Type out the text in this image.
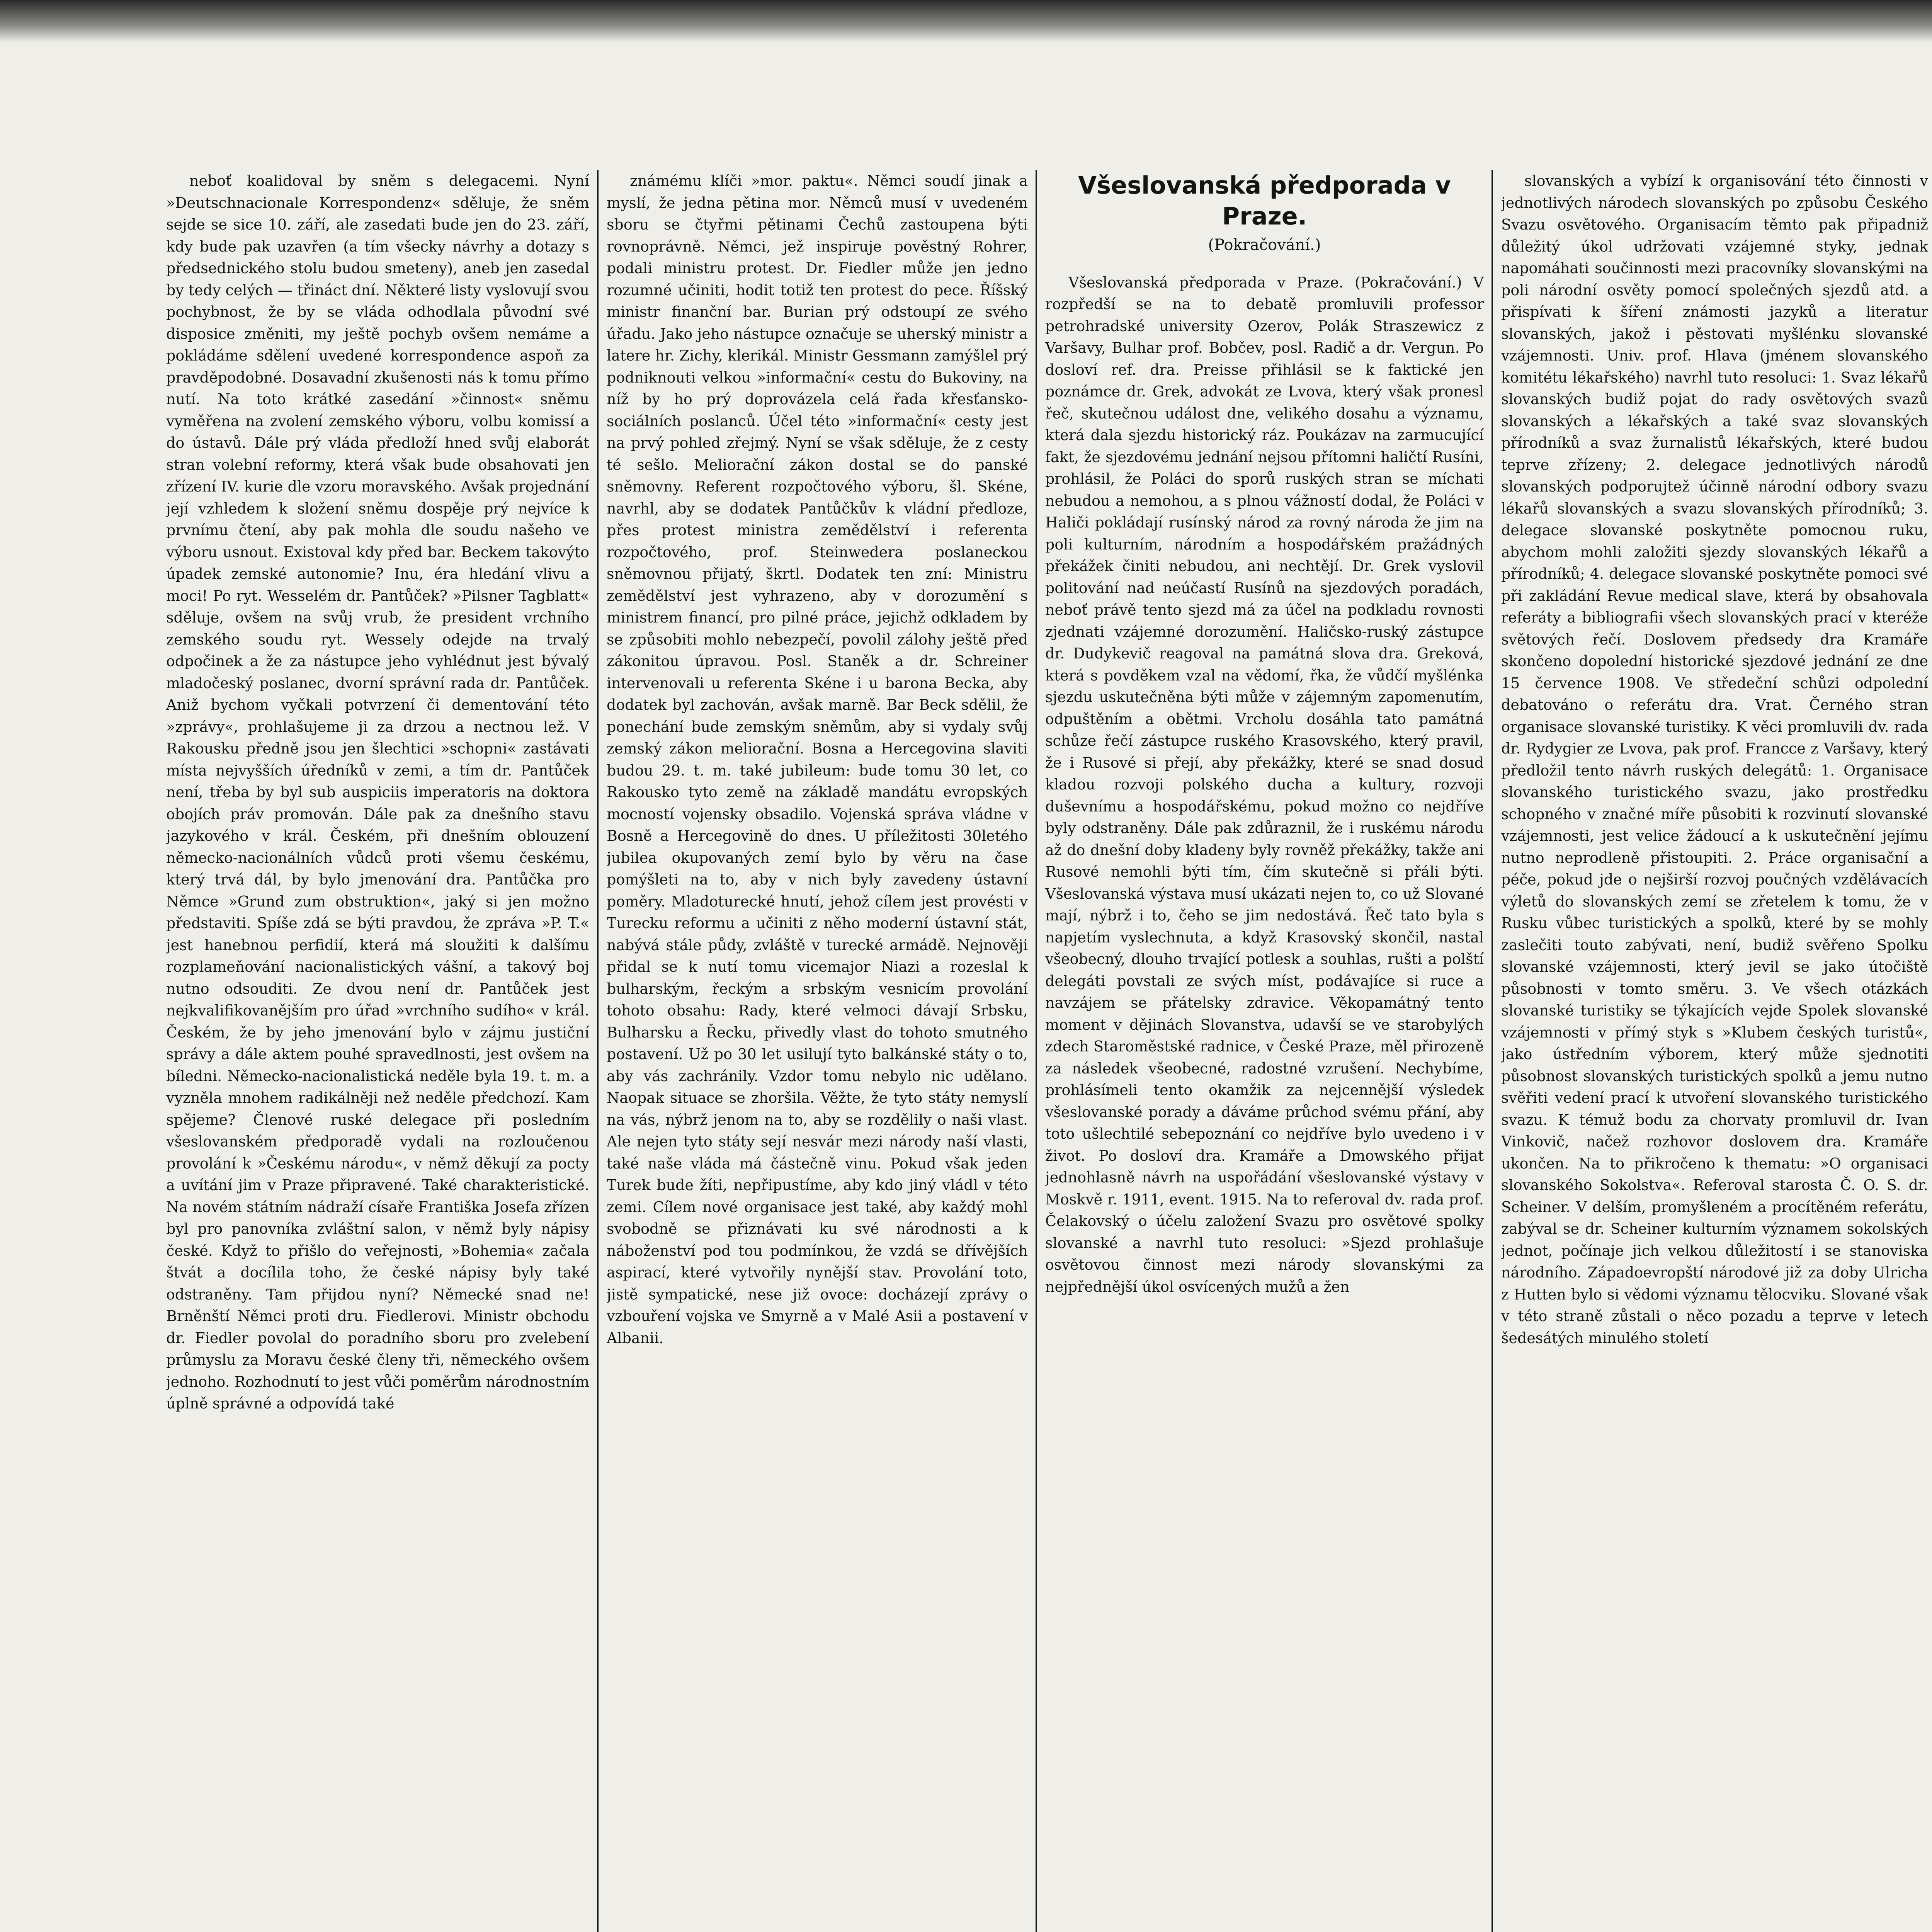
neboť koalidoval by sněm s delegacemi. Nyní »Deutschnacionale Korrespondenz« sděluje, že sněm sejde se sice 10. září, ale zasedati bude jen do 23. září, kdy bude pak uzavřen (a tím všecky návrhy a dotazy s předsednického stolu budou smeteny), aneb jen zasedal by tedy celých — třináct dní. Některé listy vyslovují svou pochybnost, že by se vláda odhodlala původní své disposice změniti, my ještě pochyb ovšem nemáme a pokládáme sdělení uvedené korrespondence aspoň za pravděpodobné. Dosavadní zkušenosti nás k tomu přímo nutí. Na toto krátké zasedání »činnost« sněmu vyměřena na zvolení zemského výboru, volbu komissí a do ústavů. Dále prý vláda předloží hned svůj elaborát stran volební reformy, která však bude obsahovati jen zřízení IV. kurie dle vzoru moravského. Avšak projednání její vzhledem k složení sněmu dospěje prý nejvíce k prvnímu čtení, aby pak mohla dle soudu našeho ve výboru usnout. Existoval kdy před bar. Beckem takovýto úpadek zemské autonomie? Inu, éra hledání vlivu a moci! Po ryt. Wesselém dr. Pantůček? »Pilsner Tagblatt« sděluje, ovšem na svůj vrub, že president vrchního zemského soudu ryt. Wessely odejde na trvalý odpočinek a že za nástupce jeho vyhlédnut jest bývalý mladočeský poslanec, dvorní správní rada dr. Pantůček. Aniž bychom vyčkali potvrzení či dementování této »zprávy«, prohlašujeme ji za drzou a nectnou lež. V Rakousku předně jsou jen šlechtici »schopni« zastávati místa nejvyšších úředníků v zemi, a tím dr. Pantůček není, třeba by byl sub auspiciis imperatoris na doktora obojích práv promován. Dále pak za dnešního stavu jazykového v král. Českém, při dnešním oblouzení německo-nacionálních vůdců proti všemu českému, který trvá dál, by bylo jmenování dra. Pantůčka pro Němce »Grund zum obstruktion«, jaký si jen možno představiti. Spíše zdá se býti pravdou, že zpráva »P. T.« jest hanebnou perfidií, která má sloužiti k dalšímu rozplameňování nacionalistických vášní, a takový boj nutno odsouditi. Ze dvou není dr. Pantůček jest nejkvalifikovanějším pro úřad »vrchního sudího« v král. Českém, že by jeho jmenování bylo v zájmu justiční správy a dále aktem pouhé spravedlnosti, jest ovšem na bíledni. Německo-nacionalistická neděle byla 19. t. m. a vyzněla mnohem radikálněji než neděle předchozí. Kam spějeme? Členové ruské delegace při posledním všeslovanském předporadě vydali na rozloučenou provolání k »Českému národu«, v němž děkují za pocty a uvítání jim v Praze připravené. Také charakteristické. Na novém státním nádraží císaře Františka Josefa zřízen byl pro panovníka zvláštní salon, v němž byly nápisy české. Když to přišlo do veřejnosti, »Bohemia« začala štvát a docílila toho, že české nápisy byly také odstraněny. Tam přijdou nyní? Německé snad ne! Brněnští Němci proti dru. Fiedlerovi. Ministr obchodu dr. Fiedler povolal do poradního sboru pro zvelebení průmyslu za Moravu české členy tři, německého ovšem jednoho. Rozhodnutí to jest vůči poměrům národnostním úplně správné a odpovídá také

známému klíči »mor. paktu«. Němci soudí jinak a myslí, že jedna pětina mor. Němců musí v uvedeném sboru se čtyřmi pětinami Čechů zastoupena býti rovnoprávně. Němci, jež inspiruje pověstný Rohrer, podali ministru protest. Dr. Fiedler může jen jedno rozumné učiniti, hodit totiž ten protest do pece. Říšský ministr finanční bar. Burian prý odstoupí ze svého úřadu. Jako jeho nástupce označuje se uherský ministr a latere hr. Zichy, klerikál. Ministr Gessmann zamýšlel prý podniknouti velkou »informační« cestu do Bukoviny, na níž by ho prý doprovázela celá řada křesťansko-sociálních poslanců. Účel této »informační« cesty jest na prvý pohled zřejmý. Nyní se však sděluje, že z cesty té sešlo. Meliorační zákon dostal se do panské sněmovny. Referent rozpočtového výboru, šl. Skéne, navrhl, aby se dodatek Pantůčkův k vládní předloze, přes protest ministra zemědělství i referenta rozpočtového, prof. Steinwedera poslaneckou sněmovnou přijatý, škrtl. Dodatek ten zní: Ministru zemědělství jest vyhrazeno, aby v dorozumění s ministrem financí, pro pilné práce, jejichž odkladem by se způsobiti mohlo nebezpečí, povolil zálohy ještě před zákonitou úpravou. Posl. Staněk a dr. Schreiner intervenovali u referenta Skéne i u barona Becka, aby dodatek byl zachován, avšak marně. Bar Beck sdělil, že ponechání bude zemským sněmům, aby si vydaly svůj zemský zákon meliorační. Bosna a Hercegovina slaviti budou 29. t. m. také jubileum: bude tomu 30 let, co Rakousko tyto země na základě mandátu evropských mocností vojensky obsadilo. Vojenská správa vládne v Bosně a Hercegovině do dnes. U příležitosti 30letého jubilea okupovaných zemí bylo by věru na čase pomýšleti na to, aby v nich byly zavedeny ústavní poměry. Mladoturecké hnutí, jehož cílem jest provésti v Turecku reformu a učiniti z něho moderní ústavní stát, nabývá stále půdy, zvláště v turecké armádě. Nejnověji přidal se k nutí tomu vicemajor Niazi a rozeslal k bulharským, řeckým a srbským vesnicím provolání tohoto obsahu: Rady, které velmoci dávají Srbsku, Bulharsku a Řecku, přivedly vlast do tohoto smutného postavení. Už po 30 let usilují tyto balkánské státy o to, aby vás zachránily. Vzdor tomu nebylo nic udělano. Naopak situace se zhoršila. Věžte, že tyto státy nemyslí na vás, nýbrž jenom na to, aby se rozdělily o naši vlast. Ale nejen tyto státy sejí nesvár mezi národy naší vlasti, také naše vláda má částečně vinu. Pokud však jeden Turek bude žíti, nepřipustíme, aby kdo jiný vládl v této zemi. Cílem nové organisace jest také, aby každý mohl svobodně se přiznávati ku své národnosti a k náboženství pod tou podmínkou, že vzdá se dřívějších aspirací, které vytvořily nynější stav. Provolání toto, jistě sympatické, nese již ovoce: docházejí zprávy o vzbouření vojska ve Smyrně a v Malé Asii a postavení v Albanii.

Všeslovanská předporada v Praze.
(Pokračování.)

Všeslovanská předporada v Praze. (Pokračování.) V rozpředší se na to debatě promluvili professor petrohradské university Ozerov, Polák Straszewicz z Varšavy, Bulhar prof. Bobčev, posl. Radič a dr. Vergun. Po dosloví ref. dra. Preisse přihlásil se k faktické jen poznámce dr. Grek, advokát ze Lvova, který však pronesl řeč, skutečnou událost dne, velikého dosahu a významu, která dala sjezdu historický ráz. Poukázav na zarmucující fakt, že sjezdovému jednání nejsou přítomni haličtí Rusíni, prohlásil, že Poláci do sporů ruských stran se míchati nebudou a nemohou, a s plnou vážností dodal, že Poláci v Haliči pokládají rusínský národ za rovný národa že jim na poli kulturním, národním a hospodářském pražádných překážek činiti nebudou, ani nechtějí. Dr. Grek vyslovil politování nad neúčastí Rusínů na sjezdových poradách, neboť právě tento sjezd má za účel na podkladu rovnosti zjednati vzájemné dorozumění. Haličsko-ruský zástupce dr. Dudykevič reagoval na památná slova dra. Greková, která s povděkem vzal na vědomí, řka, že vůdčí myšlénka sjezdu uskutečněna býti může v zájemným zapomenutím, odpuštěním a obětmi. Vrcholu dosáhla tato památná schůze řečí zástupce ruského Krasovského, který pravil, že i Rusové si přejí, aby překážky, které se snad dosud kladou rozvoji polského ducha a kultury, rozvoji duševnímu a hospodářskému, pokud možno co nejdříve byly odstraněny. Dále pak zdůraznil, že i ruskému národu až do dnešní doby kladeny byly rovněž překážky, takže ani Rusové nemohli býti tím, čím skutečně si přáli býti. Všeslovanská výstava musí ukázati nejen to, co už Slované mají, nýbrž i to, čeho se jim nedostává. Řeč tato byla s napjetím vyslechnuta, a když Krasovský skončil, nastal všeobecný, dlouho trvající potlesk a souhlas, rušti a polští delegáti povstali ze svých míst, podávajíce si ruce a navzájem se přátelsky zdravice. Věkopamátný tento moment v dějinách Slovanstva, udavší se ve starobylých zdech Staroměstské radnice, v České Praze, měl přirozeně za následek všeobecné, radostné vzrušení. Nechybíme, prohlásímeli tento okamžik za nejcennější výsledek všeslovanské porady a dáváme průchod svému přání, aby toto ušlechtilé sebepoznání co nejdříve bylo uvedeno i v život. Po dosloví dra. Kramáře a Dmowského přijat jednohlasně návrh na uspořádání všeslovanské výstavy v Moskvě r. 1911, event. 1915. Na to referoval dv. rada prof. Čelakovský o účelu založení Svazu pro osvětové spolky slovanské a navrhl tuto resoluci: »Sjezd prohlašuje osvětovou činnost mezi národy slovanskými za nejpřednější úkol osvícených mužů a žen

slovanských a vybízí k organisování této činnosti v jednotlivých národech slovanských po způsobu Českého Svazu osvětového. Organisacím těmto pak připadniž důležitý úkol udržovati vzájemné styky, jednak napomáhati součinnosti mezi pracovníky slovanskými na poli národní osvěty pomocí společných sjezdů atd. a přispívati k šíření známosti jazyků a literatur slovanských, jakož i pěstovati myšlénku slovanské vzájemnosti. Univ. prof. Hlava (jménem slovanského komitétu lékařského) navrhl tuto resoluci: 1. Svaz lékařů slovanských budiž pojat do rady osvětových svazů slovanských a lékařských a také svaz slovanských přírodníků a svaz žurnalistů lékařských, které budou teprve zřízeny; 2. delegace jednotlivých národů slovanských podporujtež účinně národní odbory svazu lékařů slovanských a svazu slovanských přírodníků; 3. delegace slovanské poskytněte pomocnou ruku, abychom mohli založiti sjezdy slovanských lékařů a přírodníků; 4. delegace slovanské poskytněte pomoci své při zakládání Revue medical slave, která by obsahovala referáty a bibliografii všech slovanských prací v kteréže světových řečí. Doslovem předsedy dra Kramáře skončeno dopolední historické sjezdové jednání ze dne 15 července 1908. Ve středeční schůzi odpolední debatováno o referátu dra. Vrat. Černého stran organisace slovanské turistiky. K věci promluvili dv. rada dr. Rydygier ze Lvova, pak prof. Francce z Varšavy, který předložil tento návrh ruských delegátů: 1. Organisace slovanského turistického svazu, jako prostředku schopného v značné míře působiti k rozvinutí slovanské vzájemnosti, jest velice žádoucí a k uskutečnění jejímu nutno neprodleně přistoupiti. 2. Práce organisační a péče, pokud jde o nejširší rozvoj poučných vzdělávacích výletů do slovanských zemí se zřetelem k tomu, že v Rusku vůbec turistických a spolků, které by se mohly zaslečiti touto zabývati, není, budiž svěřeno Spolku slovanské vzájemnosti, který jevil se jako útočiště působnosti v tomto směru. 3. Ve všech otázkách slovanské turistiky se týkajících vejde Spolek slovanské vzájemnosti v přímý styk s »Klubem českých turistů«, jako ústředním výborem, který může sjednotiti působnost slovanských turistických spolků a jemu nutno svěřiti vedení prací k utvoření slovanského turistického svazu. K témuž bodu za chorvaty promluvil dr. Ivan Vinkovič, načež rozhovor doslovem dra. Kramáře ukončen. Na to přikročeno k thematu: »O organisaci slovanského Sokolstva«. Referoval starosta Č. O. S. dr. Scheiner. V delším, promyšleném a procítěném referátu, zabýval se dr. Scheiner kulturním významem sokolských jednot, počínaje jich velkou důležitostí i se stanoviska národního. Západoevropští národové již za doby Ulricha z Hutten bylo si vědomi významu tělocviku. Slované však v této straně zůstali o něco pozadu a teprve v letech šedesátých minulého století
